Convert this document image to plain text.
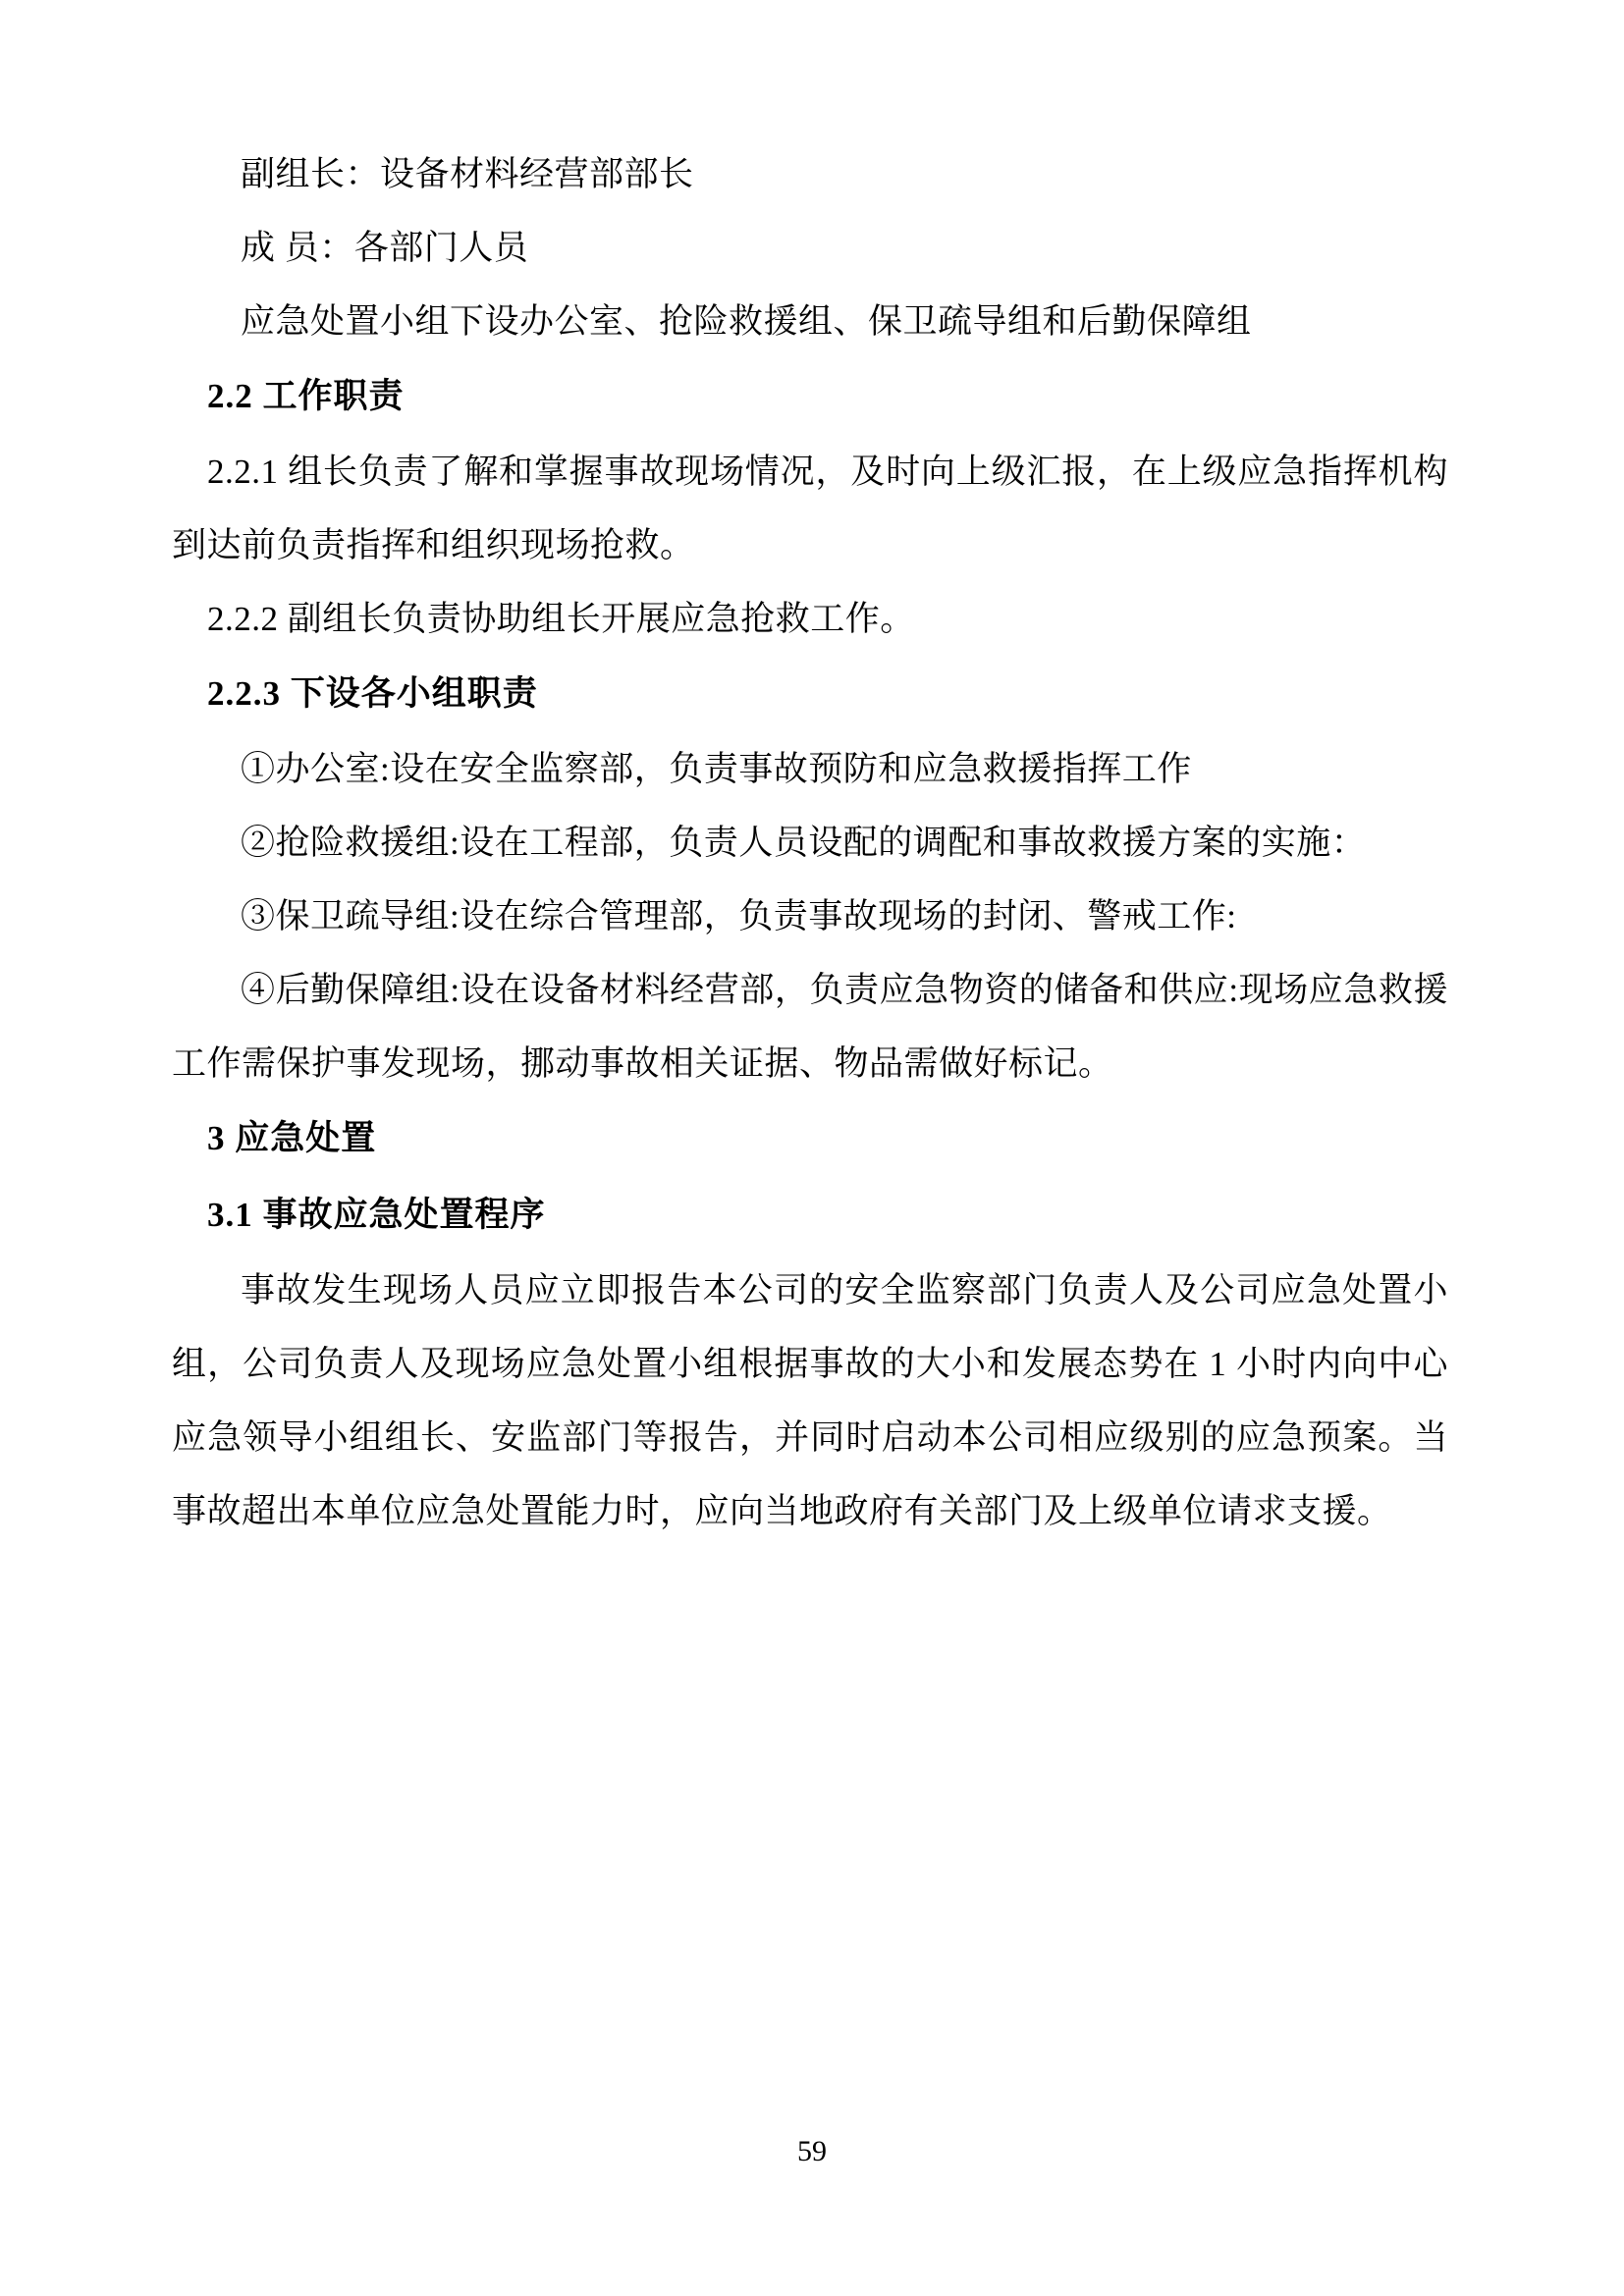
副组长：设备材料经营部部长

成 员：各部门人员

应急处置小组下设办公室、抢险救援组、保卫疏导组和后勤保障组

2.2 工作职责

2.2.1 组长负责了解和掌握事故现场情况，及时向上级汇报，在上级应急指挥机构到达前负责指挥和组织现场抢救。

2.2.2 副组长负责协助组长开展应急抢救工作。

2.2.3 下设各小组职责

①办公室:设在安全监察部，负责事故预防和应急救援指挥工作

②抢险救援组:设在工程部，负责人员设配的调配和事故救援方案的实施：

③保卫疏导组:设在综合管理部，负责事故现场的封闭、警戒工作:

④后勤保障组:设在设备材料经营部，负责应急物资的储备和供应:现场应急救援工作需保护事发现场，挪动事故相关证据、物品需做好标记。

3 应急处置

3.1 事故应急处置程序

事故发生现场人员应立即报告本公司的安全监察部门负责人及公司应急处置小组，公司负责人及现场应急处置小组根据事故的大小和发展态势在 1 小时内向中心应急领导小组组长、安监部门等报告，并同时启动本公司相应级别的应急预案。当事故超出本单位应急处置能力时，应向当地政府有关部门及上级单位请求支援。

59
